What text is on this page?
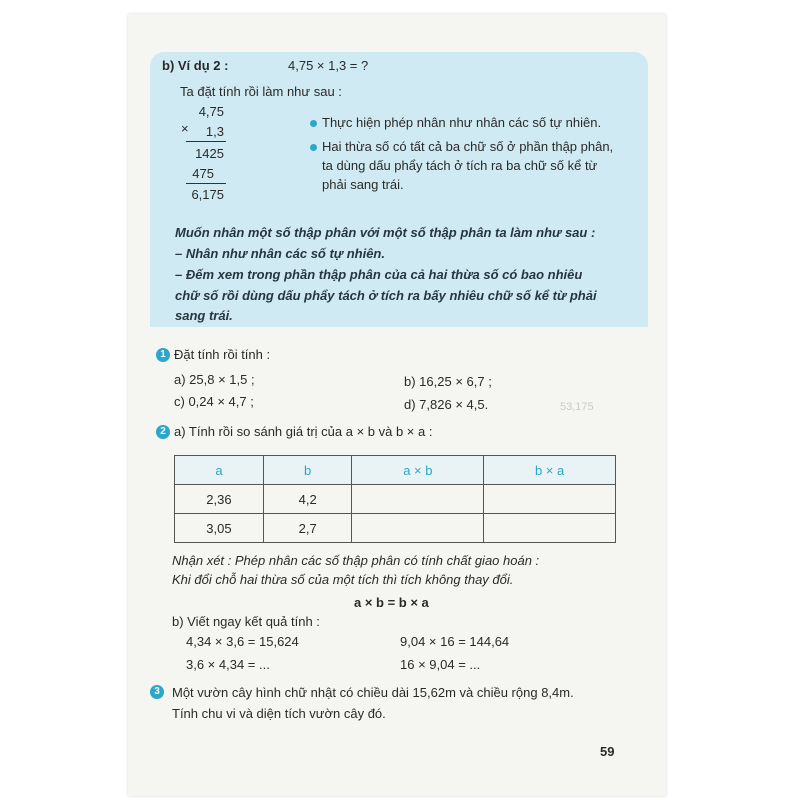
53,175
b) Ví dụ 2 :	4,75 × 1,3 = ?
Ta đặt tính rồi làm như sau :
4,75
×	1,3
1425
475
6,175
Thực hiện phép nhân như nhân các số tự nhiên.
Hai thừa số có tất cả ba chữ số ở phần thập phân,
ta dùng dấu phẩy tách ở tích ra ba chữ số kể từ
phải sang trái.
Muốn nhân một số thập phân với một số thập phân ta làm như sau :
– Nhân như nhân các số tự nhiên.
– Đếm xem trong phần thập phân của cả hai thừa số có bao nhiêu
chữ số rồi dùng dấu phẩy tách ở tích ra bấy nhiêu chữ số kể từ phải
sang trái.
1 Đặt tính rồi tính :
a) 25,8 × 1,5 ;	b) 16,25 × 6,7 ;
c) 0,24 × 4,7 ;	d) 7,826 × 4,5.
2 a) Tính rồi so sánh giá trị của a × b và b × a :
a	b	a × b	b × a
2,36	4,2		
3,05	2,7		
Nhận xét : Phép nhân các số thập phân có tính chất giao hoán :
Khi đổi chỗ hai thừa số của một tích thì tích không thay đổi.
a × b = b × a
b) Viết ngay kết quả tính :
4,34 × 3,6 = 15,624	9,04 × 16 = 144,64
3,6 × 4,34 = ...	16 × 9,04 = ...
3 Một vườn cây hình chữ nhật có chiều dài 15,62m và chiều rộng 8,4m.
Tính chu vi và diện tích vườn cây đó.
59
